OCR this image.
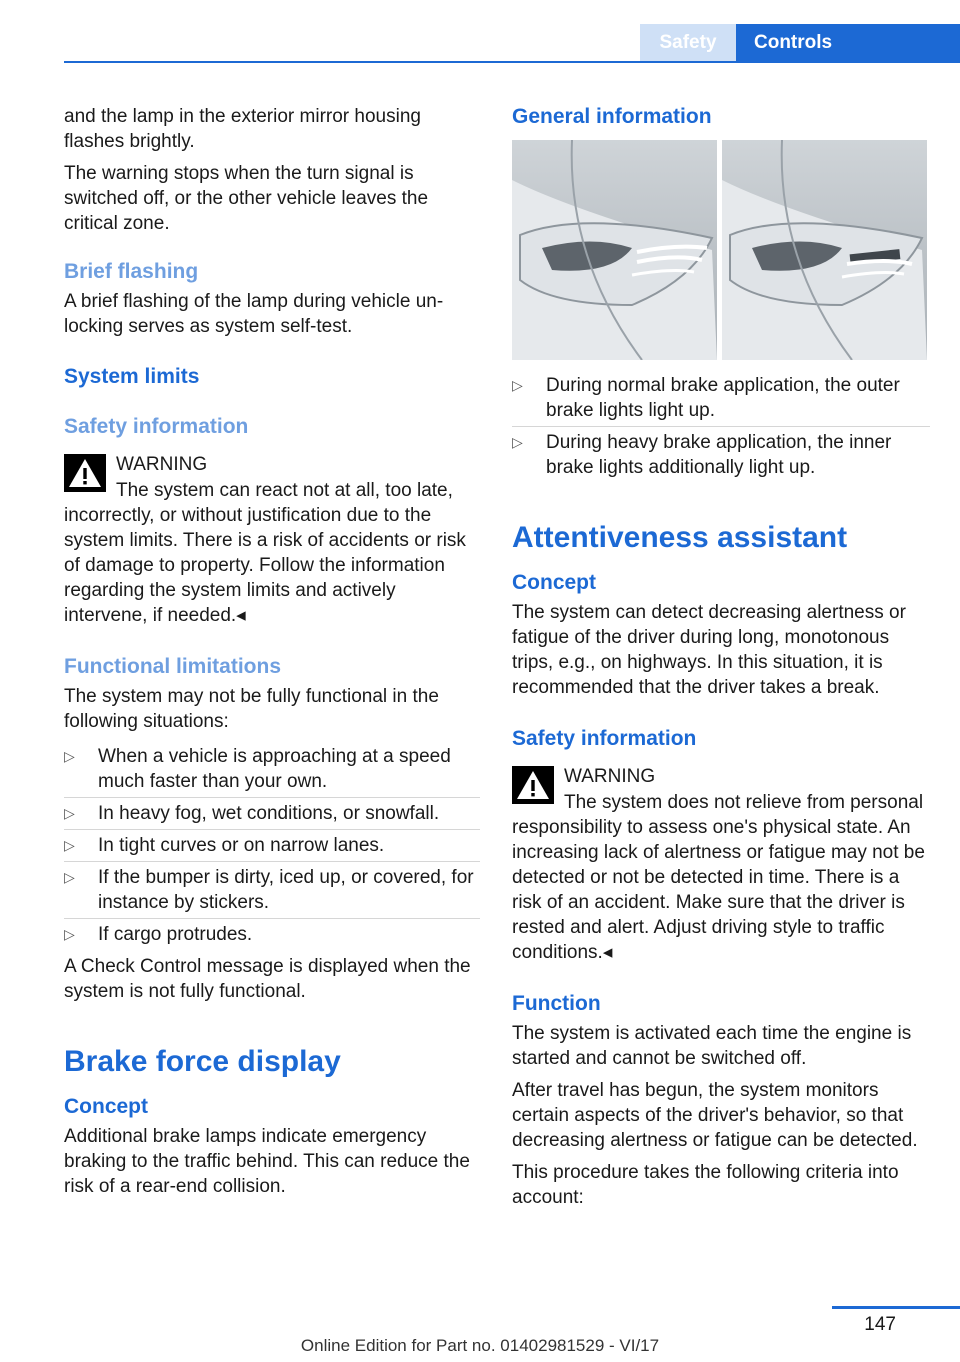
Safety	Controls

and the lamp in the exterior mirror housing flashes brightly.

The warning stops when the turn signal is switched off, or the other vehicle leaves the critical zone.

Brief flashing

A brief flashing of the lamp during vehicle unlocking serves as system self-test.

System limits
Safety information
WARNING

The system can react not at all, too late, incorrectly, or without justification due to the system limits. There is a risk of accidents or risk of damage to property. Follow the information regarding the system limits and actively intervene, if needed.◂

Functional limitations

The system may not be fully functional in the following situations:

▷	When a vehicle is approaching at a speed much faster than your own.
▷	In heavy fog, wet conditions, or snowfall.
▷	In tight curves or on narrow lanes.
▷	If the bumper is dirty, iced up, or covered, for instance by stickers.
▷	If cargo protrudes.

A Check Control message is displayed when the system is not fully functional.

Brake force display
Concept

Additional brake lamps indicate emergency braking to the traffic behind. This can reduce the risk of a rear-end collision.

General information
▷	During normal brake application, the outer brake lights light up.
▷	During heavy brake application, the inner brake lights additionally light up.
Attentiveness assistant
Concept

The system can detect decreasing alertness or fatigue of the driver during long, monotonous trips, e.g., on highways. In this situation, it is recommended that the driver takes a break.

Safety information
WARNING

The system does not relieve from personal responsibility to assess one's physical state. An increasing lack of alertness or fatigue may not be detected or not be detected in time. There is a risk of an accident. Make sure that the driver is rested and alert. Adjust driving style to traffic conditions.◂

Function

The system is activated each time the engine is started and cannot be switched off.

After travel has begun, the system monitors certain aspects of the driver's behavior, so that decreasing alertness or fatigue can be detected.

This procedure takes the following criteria into account:

147
Online Edition for Part no. 01402981529 - VI/17
